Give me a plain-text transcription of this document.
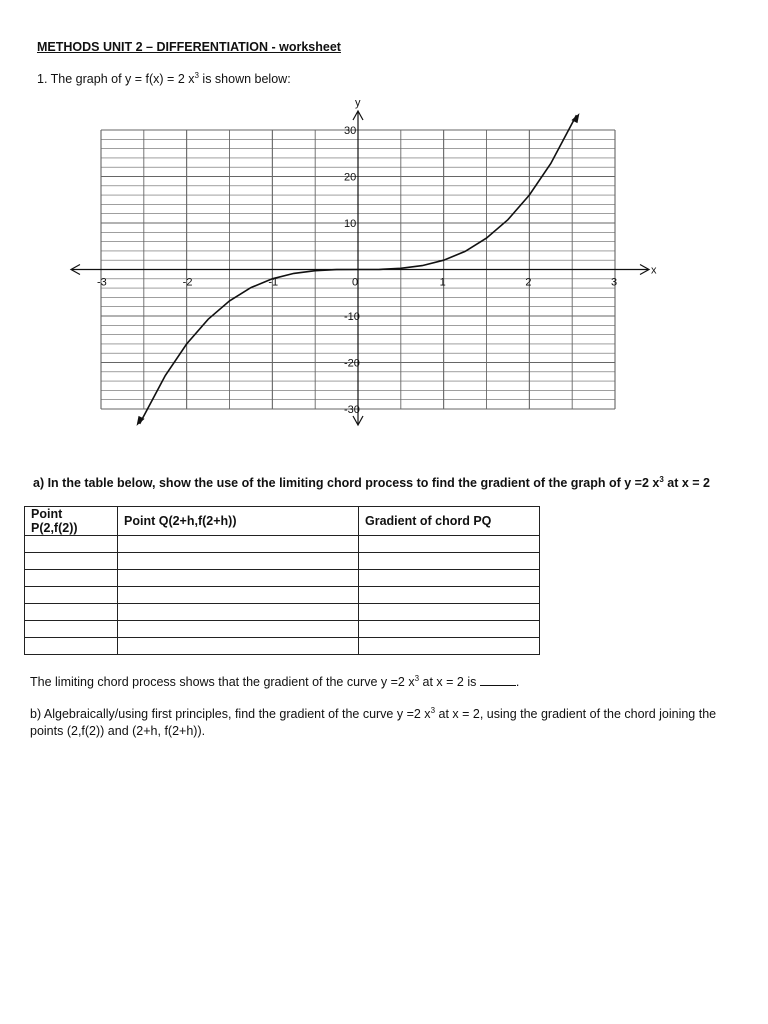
METHODS UNIT 2 – DIFFERENTIATION - worksheet
1. The graph of y = f(x) = 2 $x^3$ is shown below:
-3	-2	-1	0	1	2	3
30
20
10
-10
-20
-30
x
y
a) In the table below, show the use of the limiting chord process to find the gradient of the graph of y =2 $x^3$ at x = 2
Point P(2,f(2))	Point Q(2+h,f(2+h))	Gradient of chord PQ

The limiting chord process shows that the gradient of the curve y =2 $x^3$ at x = 2 is	.
b) Algebraically/using first principles, find the gradient of the curve y =2 $x^3$ at x = 2, using the gradient of the chord joining the points (2,f(2)) and (2+h, f(2+h)).
